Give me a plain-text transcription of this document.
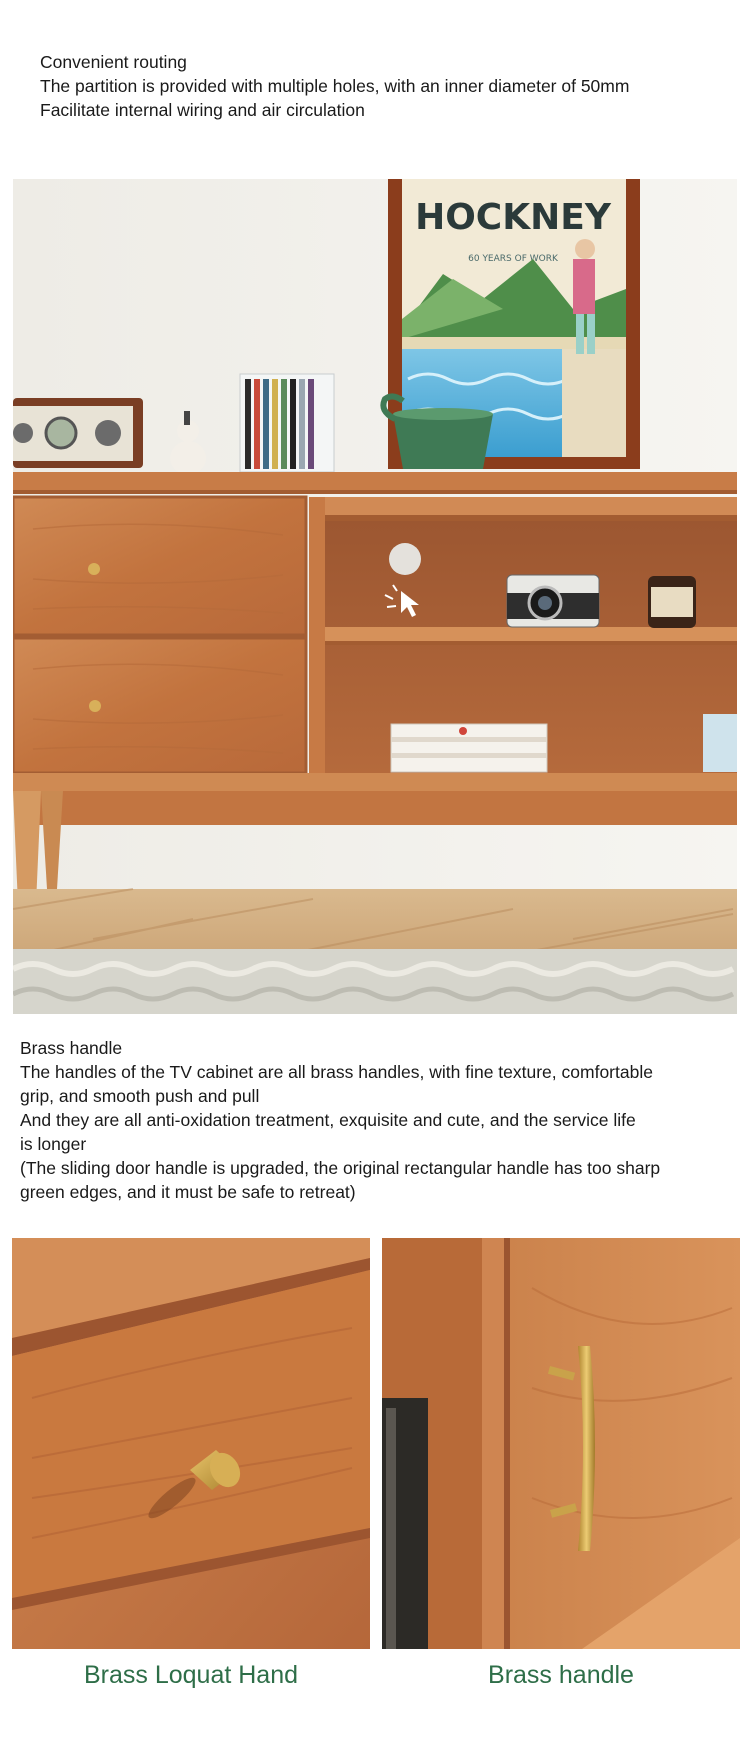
Convenient routing

The partition is provided with multiple holes, with an inner diameter of 50mm

Facilitate internal wiring and air circulation

HOCKNEY
60 YEARS OF WORK

Brass handle

The handles of the TV cabinet are all brass handles, with fine texture, comfortable

grip, and smooth push and pull

And they are all anti-oxidation treatment, exquisite and cute, and the service life

is longer

(The sliding door handle is upgraded, the original rectangular handle has too sharp

green edges, and it must be safe to retreat)

Brass Loquat Hand	Brass handle
